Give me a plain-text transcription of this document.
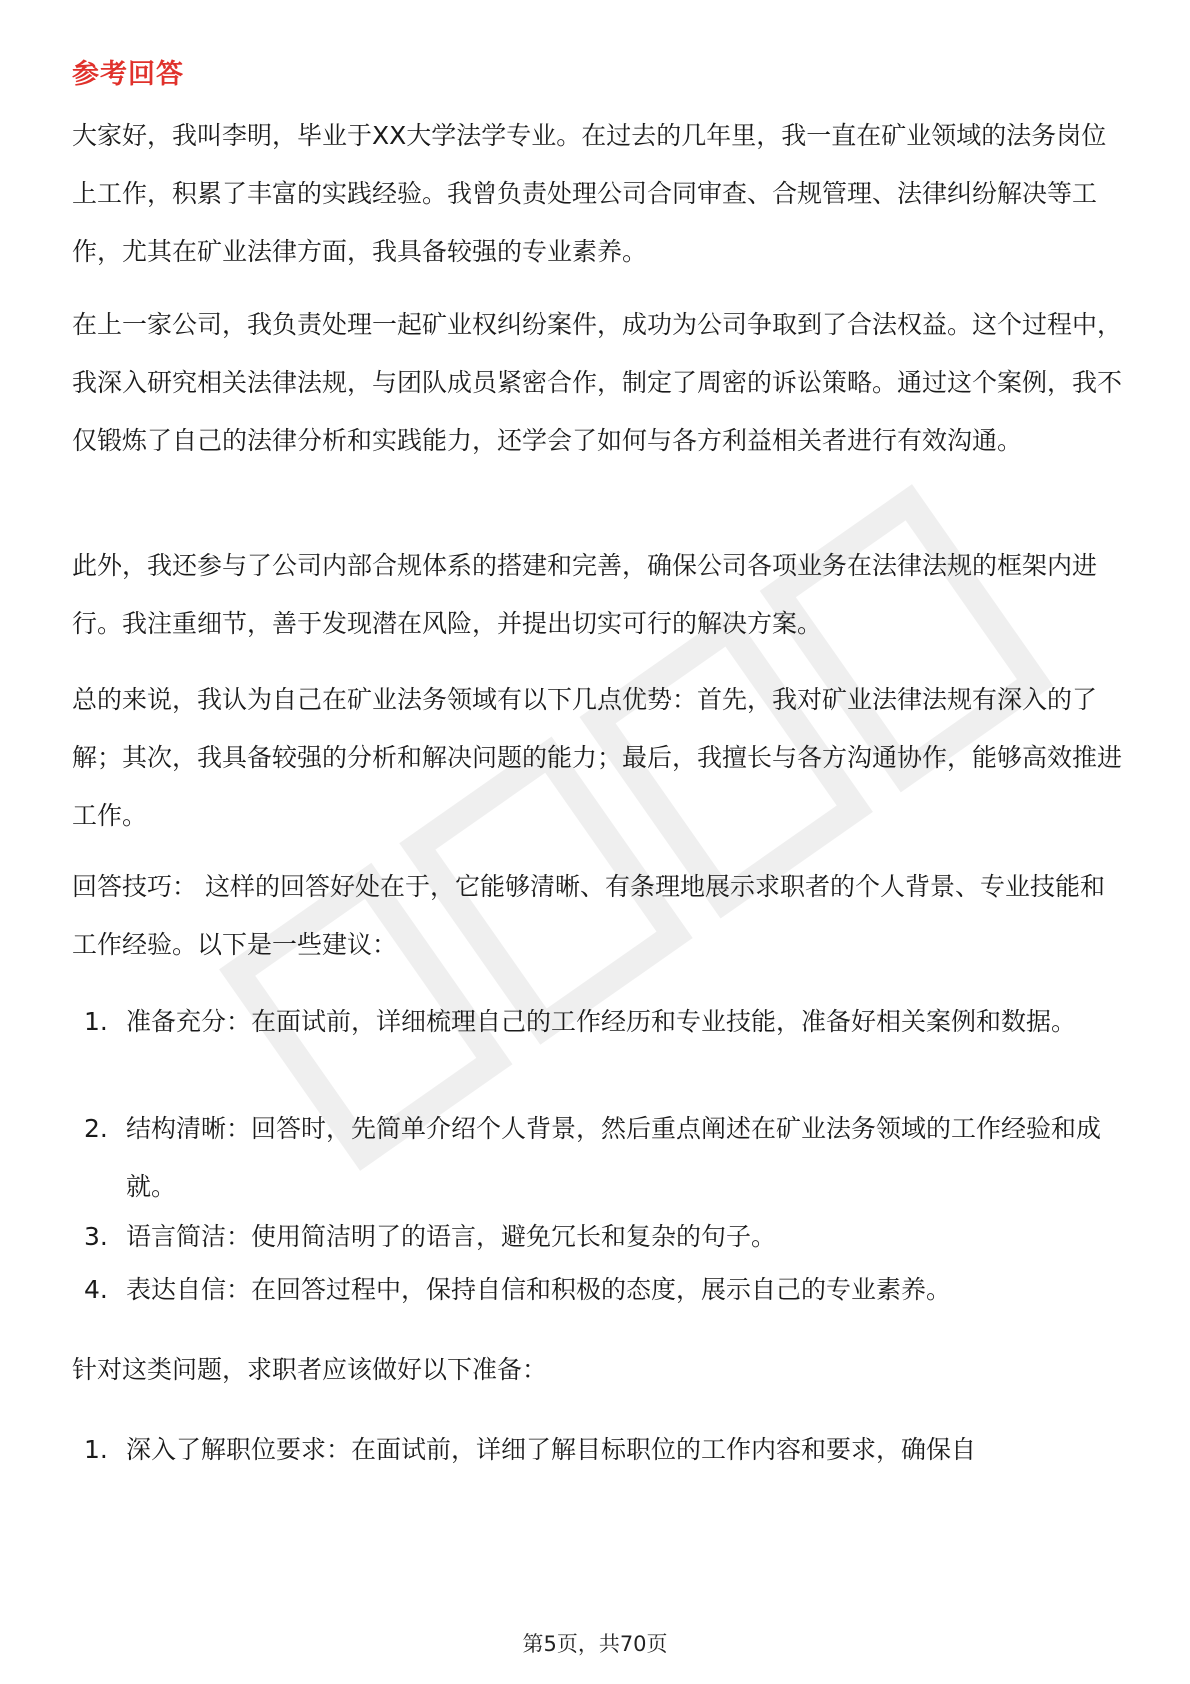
参考回答

大家好，我叫李明，毕业于XX大学法学专业。在过去的几年里，我一直在矿业领域的法务岗位上工作，积累了丰富的实践经验。我曾负责处理公司合同审查、合规管理、法律纠纷解决等工作，尤其在矿业法律方面，我具备较强的专业素养。

在上一家公司，我负责处理一起矿业权纠纷案件，成功为公司争取到了合法权益。这个过程中，我深入研究相关法律法规，与团队成员紧密合作，制定了周密的诉讼策略。通过这个案例，我不仅锻炼了自己的法律分析和实践能力，还学会了如何与各方利益相关者进行有效沟通。

此外，我还参与了公司内部合规体系的搭建和完善，确保公司各项业务在法律法规的框架内进行。我注重细节，善于发现潜在风险，并提出切实可行的解决方案。

总的来说，我认为自己在矿业法务领域有以下几点优势：首先，我对矿业法律法规有深入的了解；其次，我具备较强的分析和解决问题的能力；最后，我擅长与各方沟通协作，能够高效推进工作。

回答技巧： 这样的回答好处在于，它能够清晰、有条理地展示求职者的个人背景、专业技能和工作经验。以下是一些建议：

1. 准备充分：在面试前，详细梳理自己的工作经历和专业技能，准备好相关案例和数据。
2. 结构清晰：回答时，先简单介绍个人背景，然后重点阐述在矿业法务领域的工作经验和成就。
3. 语言简洁：使用简洁明了的语言，避免冗长和复杂的句子。
4. 表达自信：在回答过程中，保持自信和积极的态度，展示自己的专业素养。

针对这类问题，求职者应该做好以下准备：

1. 深入了解职位要求：在面试前，详细了解目标职位的工作内容和要求，确保自
第5页，共70页
